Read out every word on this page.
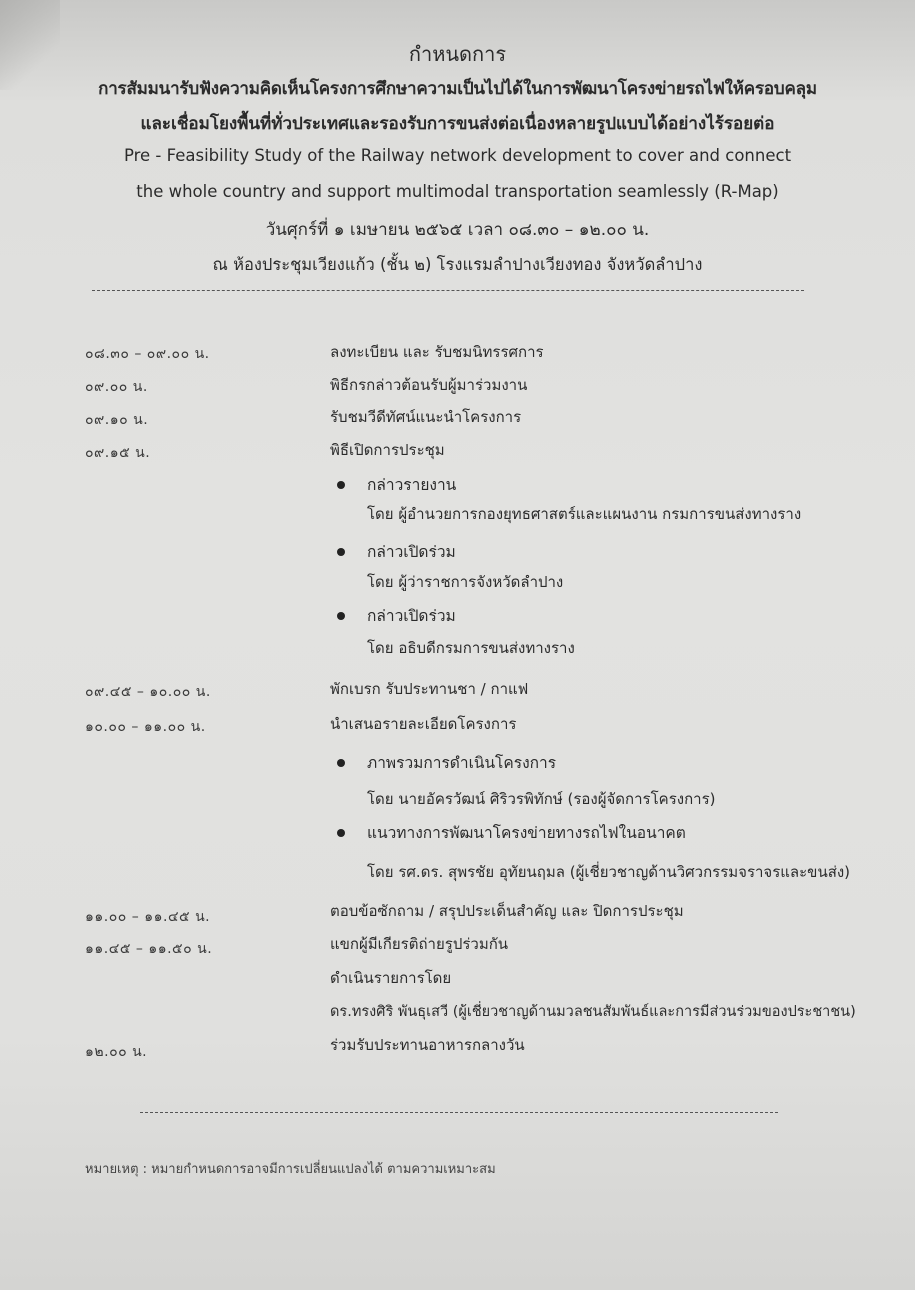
กำหนดการ
การสัมมนารับฟังความคิดเห็นโครงการศึกษาความเป็นไปได้ในการพัฒนาโครงข่ายรถไฟให้ครอบคลุม
และเชื่อมโยงพื้นที่ทั่วประเทศและรองรับการขนส่งต่อเนื่องหลายรูปแบบได้อย่างไร้รอยต่อ
Pre - Feasibility Study of the Railway network development to cover and connect
the whole country and support multimodal transportation seamlessly (R-Map)
วันศุกร์ที่ ๑ เมษายน ๒๕๖๕ เวลา ๐๘.๓๐ – ๑๒.๐๐ น.
ณ ห้องประชุมเวียงแก้ว (ชั้น ๒) โรงแรมลำปางเวียงทอง จังหวัดลำปาง
๐๘.๓๐ – ๐๙.๐๐ น.	ลงทะเบียน และ รับชมนิทรรศการ
๐๙.๐๐ น.	พิธีกรกล่าวต้อนรับผู้มาร่วมงาน
๐๙.๑๐ น.	รับชมวีดีทัศน์แนะนำโครงการ
๐๙.๑๕ น.	พิธีเปิดการประชุม
กล่าวรายงาน
โดย ผู้อำนวยการกองยุทธศาสตร์และแผนงาน กรมการขนส่งทางราง
กล่าวเปิดร่วม
โดย ผู้ว่าราชการจังหวัดลำปาง
กล่าวเปิดร่วม
โดย อธิบดีกรมการขนส่งทางราง
๐๙.๔๕ – ๑๐.๐๐ น.	พักเบรก รับประทานชา / กาแฟ
๑๐.๐๐ – ๑๑.๐๐ น.	นำเสนอรายละเอียดโครงการ
ภาพรวมการดำเนินโครงการ
โดย นายอัครวัฒน์ ศิริวรพิทักษ์ (รองผู้จัดการโครงการ)
แนวทางการพัฒนาโครงข่ายทางรถไฟในอนาคต
โดย รศ.ดร. สุพรชัย อุทัยนฤมล (ผู้เชี่ยวชาญด้านวิศวกรรมจราจรและขนส่ง)
๑๑.๐๐ – ๑๑.๔๕ น.	ตอบข้อซักถาม / สรุปประเด็นสำคัญ และ ปิดการประชุม
๑๑.๔๕ – ๑๑.๕๐ น.	แขกผู้มีเกียรติถ่ายรูปร่วมกัน
ดำเนินรายการโดย
ดร.ทรงศิริ พันธุเสวี (ผู้เชี่ยวชาญด้านมวลชนสัมพันธ์และการมีส่วนร่วมของประชาชน)
๑๒.๐๐ น.	ร่วมรับประทานอาหารกลางวัน
หมายเหตุ : หมายกำหนดการอาจมีการเปลี่ยนแปลงได้ ตามความเหมาะสม
